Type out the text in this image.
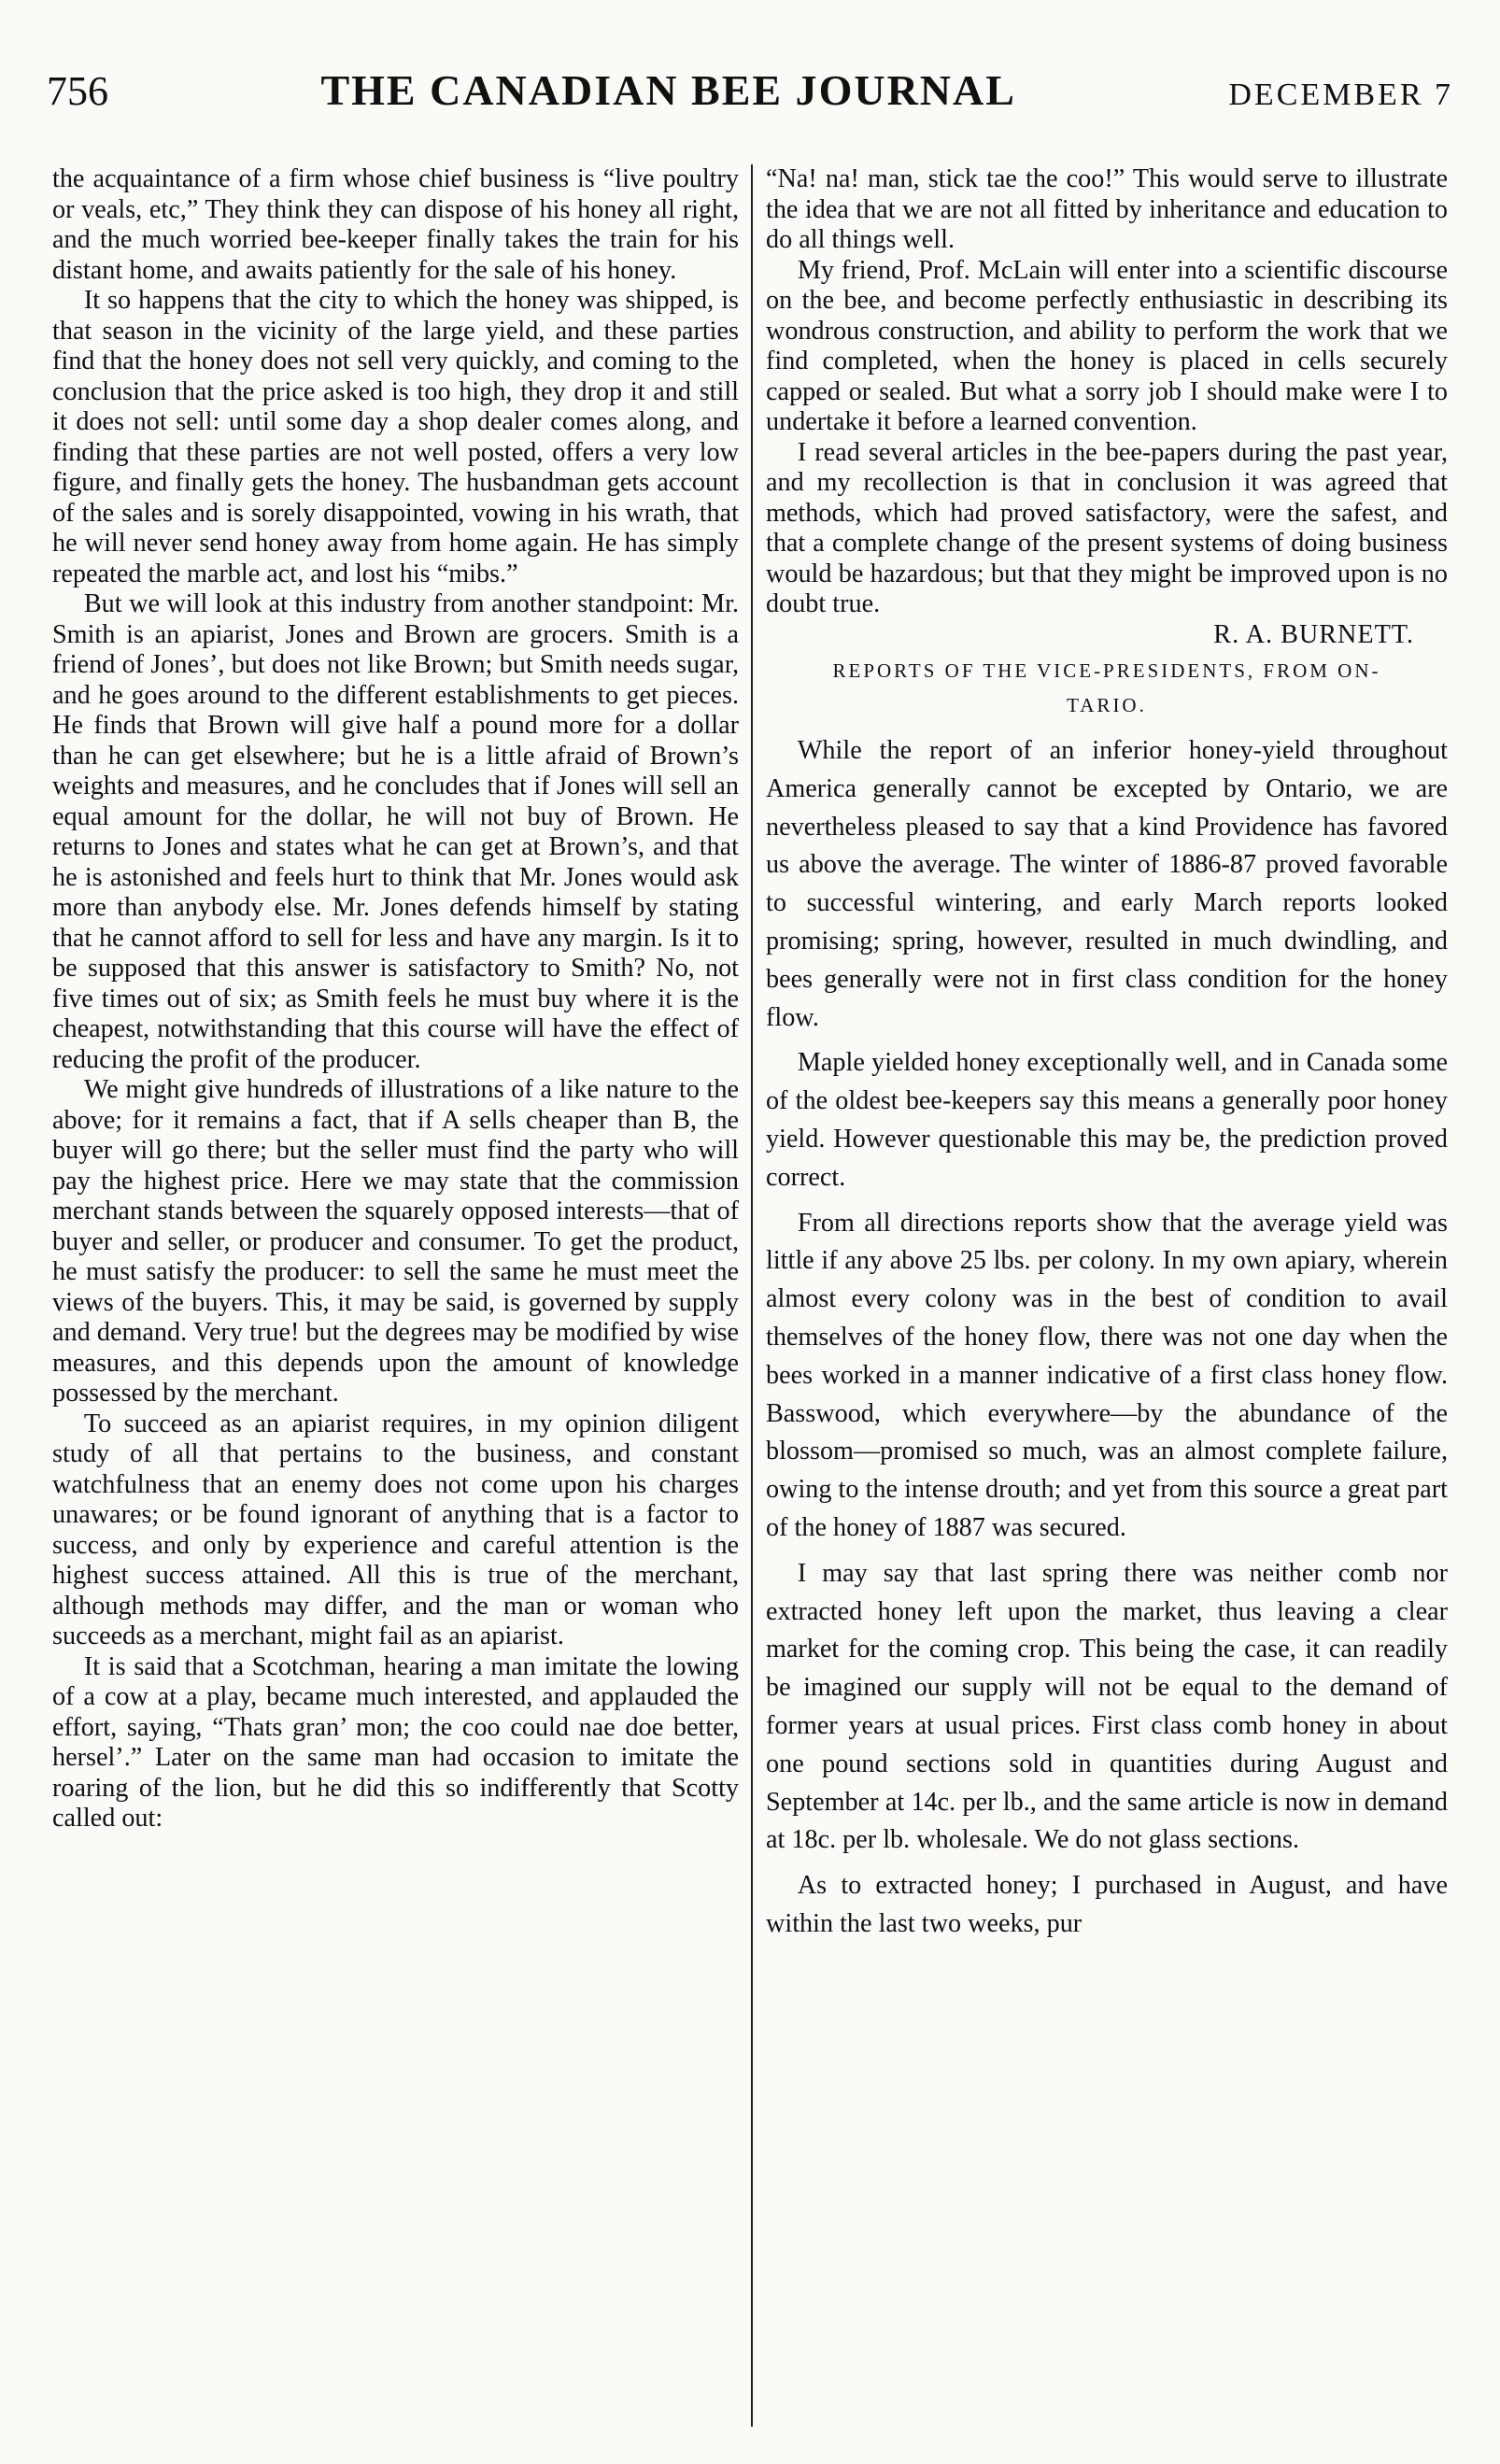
756	THE CANADIAN BEE JOURNAL	DECEMBER 7

the acquaintance of a firm whose chief business is “live poultry or veals, etc,” They think they can dispose of his honey all right, and the much worried bee-keeper finally takes the train for his distant home, and awaits patiently for the sale of his honey.

It so happens that the city to which the honey was shipped, is that season in the vicinity of the large yield, and these parties find that the honey does not sell very quickly, and coming to the conclusion that the price asked is too high, they drop it and still it does not sell: until some day a shop dealer comes along, and finding that these parties are not well posted, offers a very low figure, and finally gets the honey. The husbandman gets account of the sales and is sorely disappointed, vowing in his wrath, that he will never send honey away from home again. He has simply repeated the marble act, and lost his “mibs.”

But we will look at this industry from another standpoint: Mr. Smith is an apiarist, Jones and Brown are grocers. Smith is a friend of Jones’, but does not like Brown; but Smith needs sugar, and he goes around to the different establishments to get pieces. He finds that Brown will give half a pound more for a dollar than he can get elsewhere; but he is a little afraid of Brown’s weights and measures, and he concludes that if Jones will sell an equal amount for the dollar, he will not buy of Brown. He returns to Jones and states what he can get at Brown’s, and that he is astonished and feels hurt to think that Mr. Jones would ask more than anybody else. Mr. Jones defends himself by stating that he cannot afford to sell for less and have any margin. Is it to be supposed that this answer is satisfactory to Smith? No, not five times out of six; as Smith feels he must buy where it is the cheapest, notwithstanding that this course will have the effect of reducing the profit of the producer.

We might give hundreds of illustrations of a like nature to the above; for it remains a fact, that if A sells cheaper than B, the buyer will go there; but the seller must find the party who will pay the highest price. Here we may state that the commission merchant stands between the squarely opposed interests—that of buyer and seller, or producer and consumer. To get the product, he must satisfy the producer: to sell the same he must meet the views of the buyers. This, it may be said, is governed by supply and demand. Very true! but the degrees may be modified by wise measures, and this depends upon the amount of knowledge possessed by the merchant.

To succeed as an apiarist requires, in my opinion diligent study of all that pertains to the business, and constant watchfulness that an enemy does not come upon his charges unawares; or be found ignorant of anything that is a factor to success, and only by experience and careful attention is the highest success attained. All this is true of the merchant, although methods may differ, and the man or woman who succeeds as a merchant, might fail as an apiarist.

It is said that a Scotchman, hearing a man imitate the lowing of a cow at a play, became much interested, and applauded the effort, saying, “Thats gran’ mon; the coo could nae doe better, hersel’.” Later on the same man had occasion to imitate the roaring of the lion, but he did this so indifferently that Scotty called out:

“Na! na! man, stick tae the coo!” This would serve to illustrate the idea that we are not all fitted by inheritance and education to do all things well.

My friend, Prof. McLain will enter into a scientific discourse on the bee, and become perfectly enthusiastic in describing its wondrous construction, and ability to perform the work that we find completed, when the honey is placed in cells securely capped or sealed. But what a sorry job I should make were I to undertake it before a learned convention.

I read several articles in the bee-papers during the past year, and my recollection is that in conclusion it was agreed that methods, which had proved satisfactory, were the safest, and that a complete change of the present systems of doing business would be hazardous; but that they might be improved upon is no doubt true.

R. A. BURNETT.
REPORTS OF THE VICE-PRESIDENTS, FROM ON-
TARIO.

While the report of an inferior honey-yield throughout America generally cannot be excepted by Ontario, we are nevertheless pleased to say that a kind Providence has favored us above the average. The winter of 1886-87 proved favorable to successful wintering, and early March reports looked promising; spring, however, resulted in much dwindling, and bees generally were not in first class condition for the honey flow.

Maple yielded honey exceptionally well, and in Canada some of the oldest bee-keepers say this means a generally poor honey yield. However questionable this may be, the prediction proved correct.

From all directions reports show that the average yield was little if any above 25 lbs. per colony. In my own apiary, wherein almost every colony was in the best of condition to avail themselves of the honey flow, there was not one day when the bees worked in a manner indicative of a first class honey flow. Basswood, which everywhere—by the abundance of the blossom—promised so much, was an almost complete failure, owing to the intense drouth; and yet from this source a great part of the honey of 1887 was secured.

I may say that last spring there was neither comb nor extracted honey left upon the market, thus leaving a clear market for the coming crop. This being the case, it can readily be imagined our supply will not be equal to the demand of former years at usual prices. First class comb honey in about one pound sections sold in quantities during August and September at 14c. per lb., and the same article is now in demand at 18c. per lb. wholesale. We do not glass sections.

As to extracted honey; I purchased in August, and have within the last two weeks, pur
